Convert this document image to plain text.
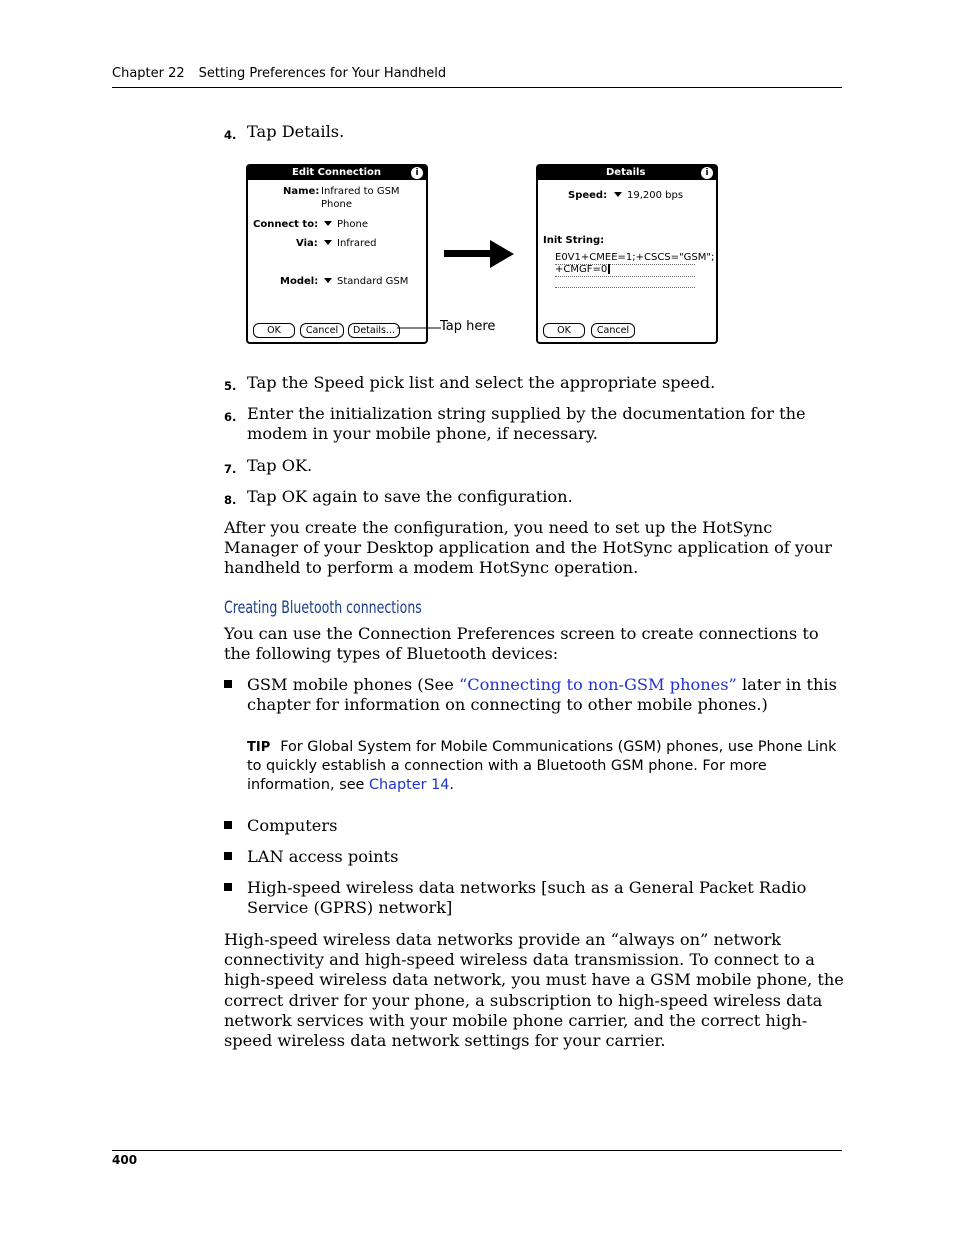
Chapter 22 Setting Preferences for Your Handheld
4. Tap Details.
Edit Connection	i
Name: Infrared to GSM
Phone
Connect to:	Phone
Via:	Infrared
Model:	Standard GSM
OK	Cancel	Details...	Tap here
Details	i
Speed:	19,200 bps
Init String:
E0V1+CMEE=1;+CSCS="GSM";
+CMGF=0
OK	Cancel
5. Tap the Speed pick list and select the appropriate speed.
6. Enter the initialization string supplied by the documentation for the modem in your mobile phone, if necessary.
7. Tap OK.
8. Tap OK again to save the configuration.
After you create the configuration, you need to set up the HotSync Manager of your Desktop application and the HotSync application of your handheld to perform a modem HotSync operation.
Creating Bluetooth connections
You can use the Connection Preferences screen to create connections to the following types of Bluetooth devices:
GSM mobile phones (See “Connecting to non-GSM phones” later in this chapter for information on connecting to other mobile phones.)
TIP For Global System for Mobile Communications (GSM) phones, use Phone Link to quickly establish a connection with a Bluetooth GSM phone. For more information, see Chapter 14.
Computers
LAN access points
High-speed wireless data networks [such as a General Packet Radio Service (GPRS) network]
High-speed wireless data networks provide an “always on” network connectivity and high-speed wireless data transmission. To connect to a high-speed wireless data network, you must have a GSM mobile phone, the correct driver for your phone, a subscription to high-speed wireless data network services with your mobile phone carrier, and the correct high-speed wireless data network settings for your carrier.
400
